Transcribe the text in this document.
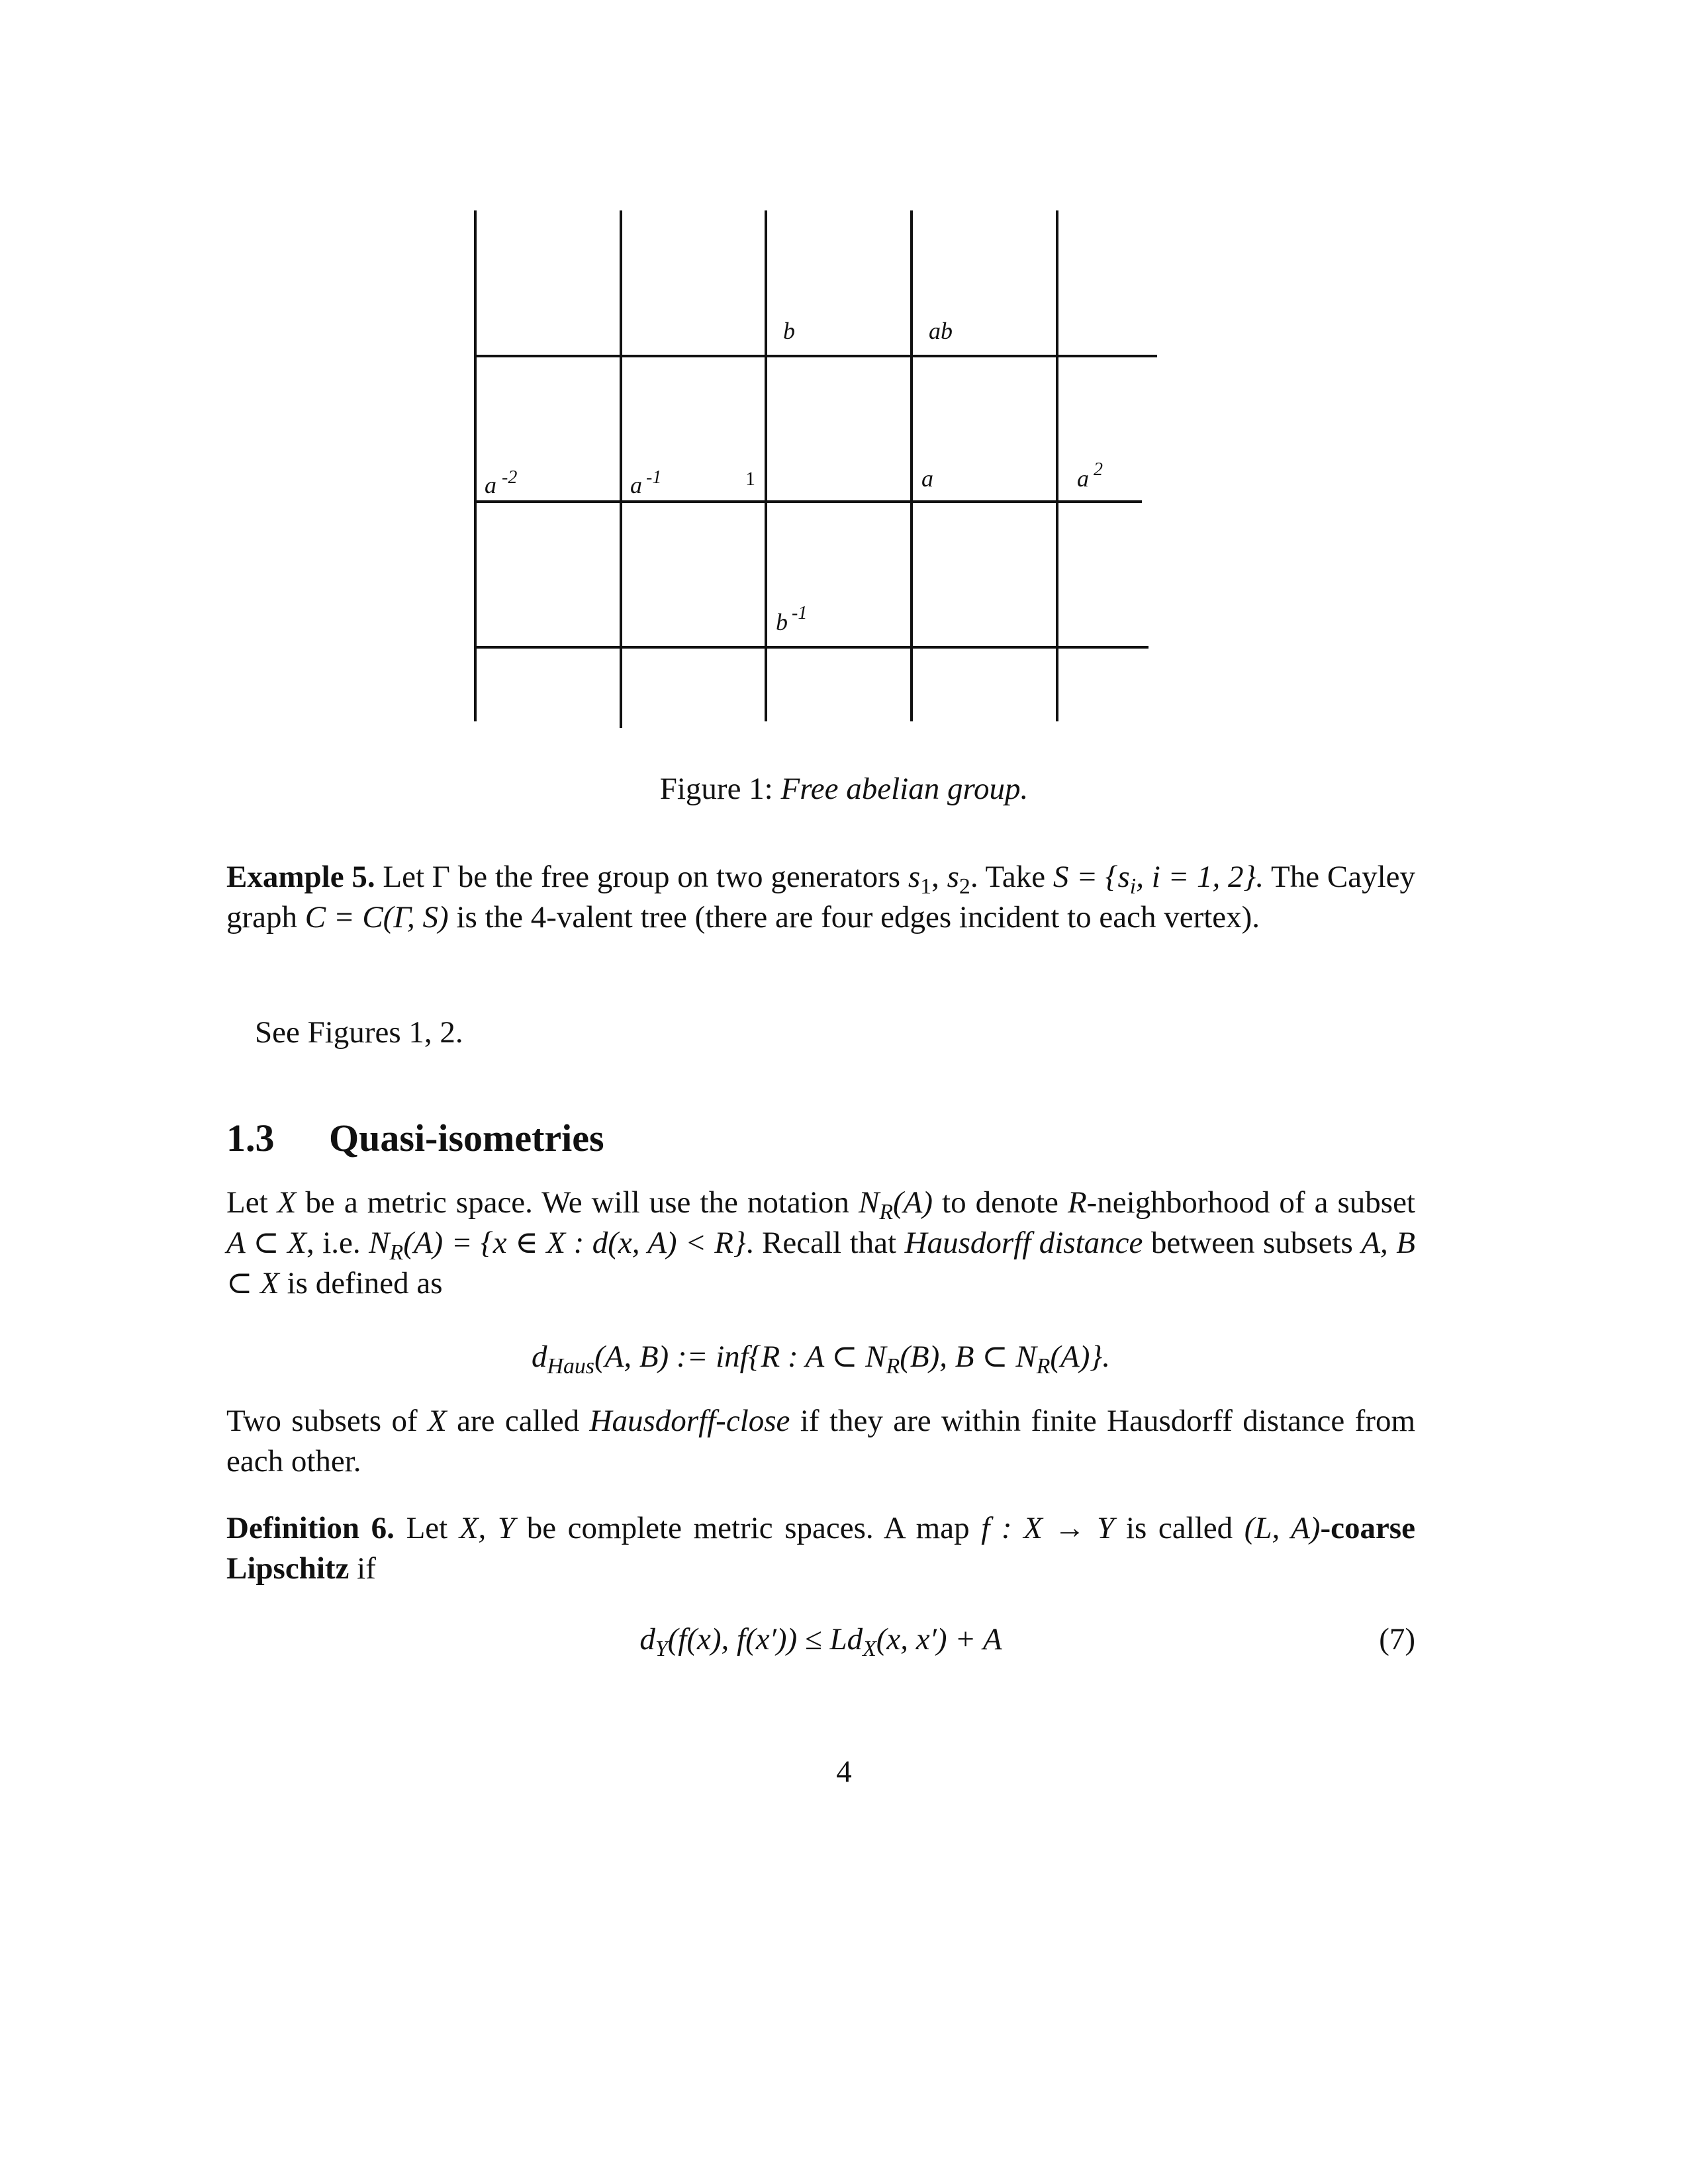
b	ab
a -2	a -1	1	a	a 2
b -1
Figure 1: Free abelian group.

Example 5. Let Γ be the free group on two generators $s_1$, $s_2$. Take $S = \{s_i$, i = 1, 2}. The Cayley graph C = C(Γ, S) is the 4-valent tree (there are four edges incident to each vertex).

See Figures 1, 2.
1.3 Quasi-isometries

Let X be a metric space. We will use the notation $N_R(A)$ to denote R-neighborhood of a subset A ⊂ X, i.e. $N_R(A) = \{x$ ∈ X : d(x, A) < R}. Recall that Hausdorff distance between subsets A, B ⊂ X is defined as

$d_{Haus}(A$, B) := inf{R : A ⊂ $N_R(B)$, B ⊂ $N_R(A)$}.

Two subsets of X are called Hausdorff-close if they are within finite Hausdorff distance from each other.

Definition 6. Let X, Y be complete metric spaces. A map f : X → Y is called (L, A)-coarse Lipschitz if

$d_Y(f(x)$, $f(x')) \le Ld_X(x$, x′) + A	(7)
4
